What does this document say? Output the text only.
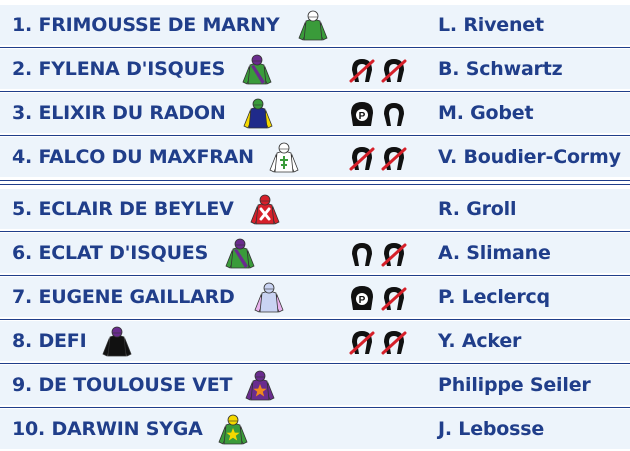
1. FRIMOUSSE DE MARNY	L. Rivenet
2. FYLENA D'ISQUES	B. Schwartz
3. ELIXIR DU RADON	P	M. Gobet
4. FALCO DU MAXFRAN	V. Boudier-Cormy
5. ECLAIR DE BEYLEV	R. Groll
6. ECLAT D'ISQUES	A. Slimane
7. EUGENE GAILLARD	P	P. Leclercq
8. DEFI	Y. Acker
9. DE TOULOUSE VET	Philippe Seiler
10. DARWIN SYGA	J. Lebosse
